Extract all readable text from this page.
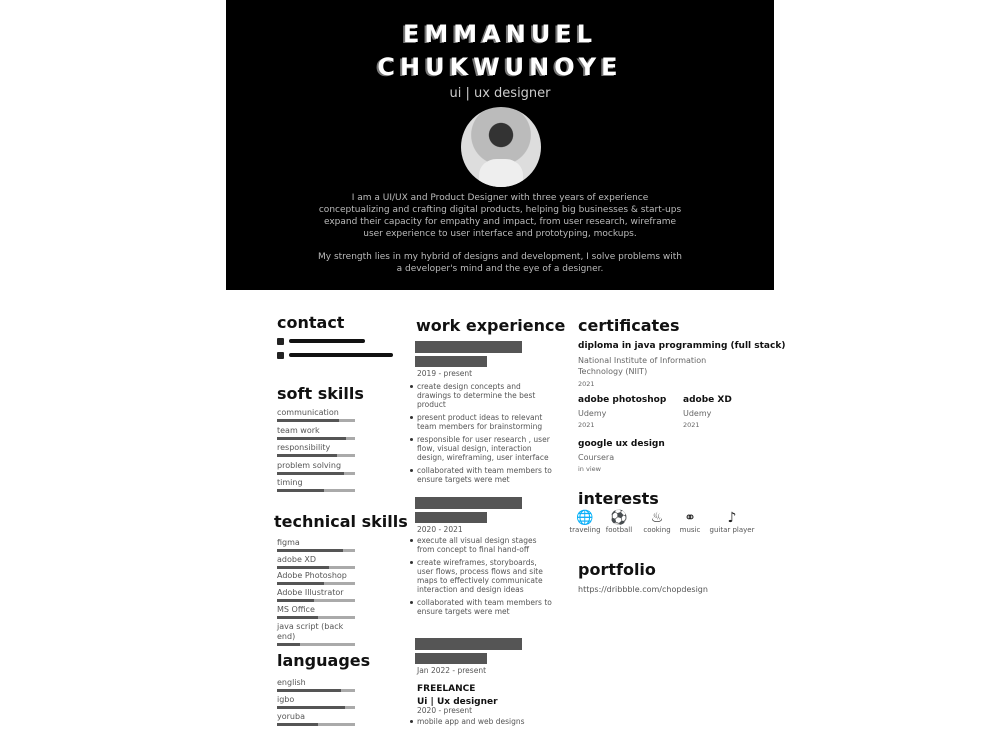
EMMANUEL
CHUKWUNOYE
ui | ux designer
I am a UI/UX and Product Designer with three years of experience conceptualizing and crafting digital products, helping big businesses & start-ups expand their capacity for empathy and impact, from user research, wireframe user experience to user interface and prototyping, mockups.
My strength lies in my hybrid of designs and development, I solve problems with a developer's mind and the eye of a designer.
contact
soft skills
communication
team work
responsibility
problem solving
timing
technical skills
figma
adobe XD
Adobe Photoshop
Adobe Illustrator
MS Office
java script (back end)
languages
english
igbo
yoruba
work experience
2019 - present
create design concepts and drawings to determine the best product
present product ideas to relevant team members for brainstorming
responsible for user research , user flow, visual design, interaction design, wireframing, user interface
collaborated with team members to ensure targets were met
2020 - 2021
execute all visual design stages from concept to final hand-off
create wireframes, storyboards, user flows, process flows and site maps to effectively communicate interaction and design ideas
collaborated with team members to ensure targets were met
Jan 2022 - present
FREELANCE
Ui | Ux designer
2020 - present
mobile app and web designs
certificates
diploma in java programming (full stack)
National Institute of Information Technology (NIIT)
2021
adobe photoshop
Udemy
2021
adobe XD
Udemy
2021
google ux design
Coursera
in view
interests
🌐
traveling
⚽
football
♨
cooking
⚭
music
♪
guitar player
portfolio
https://dribbble.com/chopdesign
